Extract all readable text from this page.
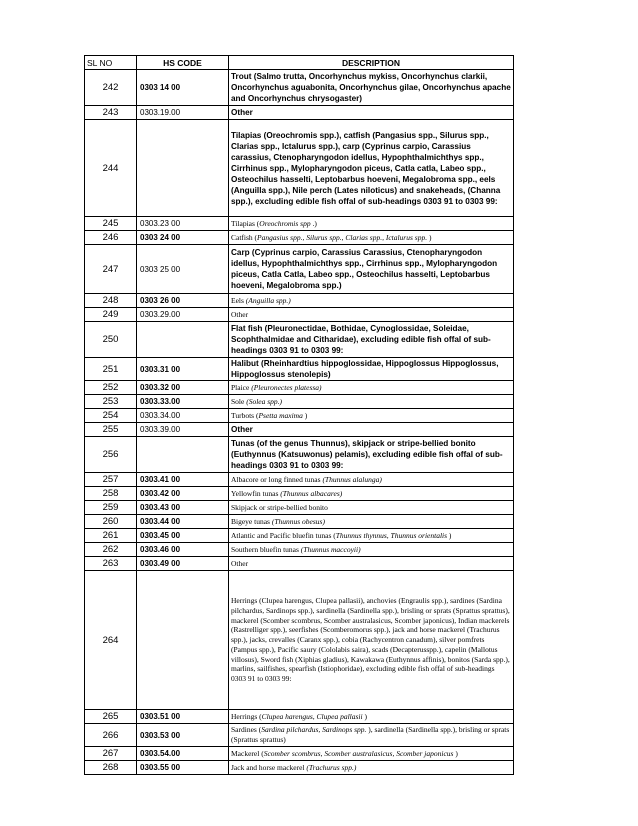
SL NO	HS CODE	DESCRIPTION
242	0303 14 00	Trout (Salmo trutta, Oncorhynchus mykiss, Oncorhynchus clarkii, Oncorhynchus aguabonita, Oncorhynchus gilae, Oncorhynchus apache and Oncorhynchus chrysogaster)
243	0303.19.00	Other
244		Tilapias (Oreochromis spp.), catfish (Pangasius spp., Silurus spp., Clarias spp., Ictalurus spp.), carp (Cyprinus carpio, Carassius carassius, Ctenopharyngodon idellus, Hypophthalmichthys spp., Cirrhinus spp., Mylopharyngodon piceus, Catla catla, Labeo spp., Osteochilus hasselti, Leptobarbus hoeveni, Megalobroma spp., eels (Anguilla spp.), Nile perch (Lates niloticus) and snakeheads, (Channa spp.), excluding edible fish offal of sub-headings 0303 91 to 0303 99:
245	0303.23 00	Tilapias (Oreochromis spp .)
246	0303 24 00	Catfish (Pangasius spp., Silurus spp., Clarias spp., Ictalurus spp. )
247	0303 25 00	Carp (Cyprinus carpio, Carassius Carassius, Ctenopharyngodon idellus, Hypophthalmichthys spp., Cirrhinus spp., Mylopharyngodon piceus, Catla Catla, Labeo spp., Osteochilus hasselti, Leptobarbus hoeveni, Megalobroma spp.)
248	0303 26 00	Eels (Anguilla spp.)
249	0303.29.00	Other
250		Flat fish (Pleuronectidae, Bothidae, Cynoglossidae, Soleidae, Scophthalmidae and Citharidae), excluding edible fish offal of sub-headings 0303 91 to 0303 99:
251	0303.31 00	Halibut (Rheinhardtius hippoglossidae, Hippoglossus Hippoglossus, Hippoglossus stenolepis)
252	0303.32 00	Plaice (Pleuronectes platessa)
253	0303.33.00	Sole (Solea spp.)
254	0303.34.00	Turbots (Psetta maxima )
255	0303.39.00	Other
256		Tunas (of the genus Thunnus), skipjack or stripe-bellied bonito (Euthynnus (Katsuwonus) pelamis), excluding edible fish offal of sub-headings 0303 91 to 0303 99:
257	0303.41 00	Albacore or long finned tunas (Thunnus alalunga)
258	0303.42 00	Yellowfin tunas (Thunnus albacares)
259	0303.43 00	Skipjack or stripe-bellied bonito
260	0303.44 00	Bigeye tunas (Thunnus obesus)
261	0303.45 00	Atlantic and Pacific bluefin tunas (Thunnus thynnus, Thunnus orientalis )
262	0303.46 00	Southern bluefin tunas (Thunnus maccoyii)
263	0303.49 00	Other
264		Herrings (Clupea harengus, Clupea pallasii), anchovies (Engraulis spp.), sardines (Sardina pilchardus, Sardinops spp.), sardinella (Sardinella spp.), brisling or sprats (Sprattus sprattus), mackerel (Scomber scombrus, Scomber australasicus, Scomber japonicus), Indian mackerels (Rastrelliger spp.), seerfishes (Scomberomorus spp.), jack and horse mackerel (Trachurus spp.), jacks, crevalles (Caranx spp.), cobia (Rachycentron canadum), silver pomfrets (Pampus spp.), Pacific saury (Cololabis saira), scads (Decapterusspp.), capelin (Mallotus villosus), Sword fish (Xiphias gladius), Kawakawa (Euthynnus affinis), bonitos (Sarda spp.), marlins, sailfishes, spearfish (Istiophoridae), excluding edible fish offal of sub-headings 0303 91 to 0303 99:
265	0303.51 00	Herrings (Clupea harengus, Clupea pallasii )
266	0303.53 00	Sardines (Sardina pilchardus, Sardinops spp. ), sardinella (Sardinella spp.), brisling or sprats (Sprattus sprattus)
267	0303.54.00	Mackerel (Scomber scombrus, Scomber australasicus, Scomber japonicus )
268	0303.55 00	Jack and horse mackerel (Trachurus spp.)
